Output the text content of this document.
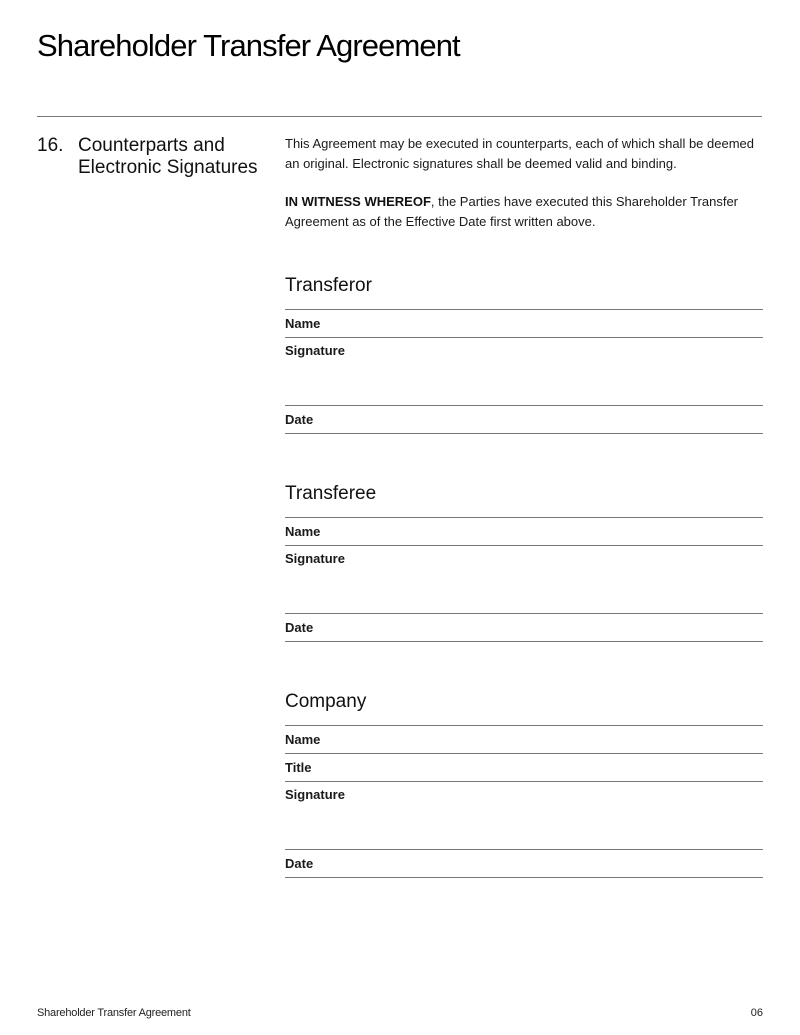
Shareholder Transfer Agreement
16. Counterparts and Electronic Signatures

This Agreement may be executed in counterparts, each of which shall be deemed an original. Electronic signatures shall be deemed valid and binding.

IN WITNESS WHEREOF, the Parties have executed this Shareholder Transfer Agreement as of the Effective Date first written above.

Transferor
Name
Signature
Date
Transferee
Name
Signature
Date
Company
Name
Title
Signature
Date
Shareholder Transfer Agreement	06
